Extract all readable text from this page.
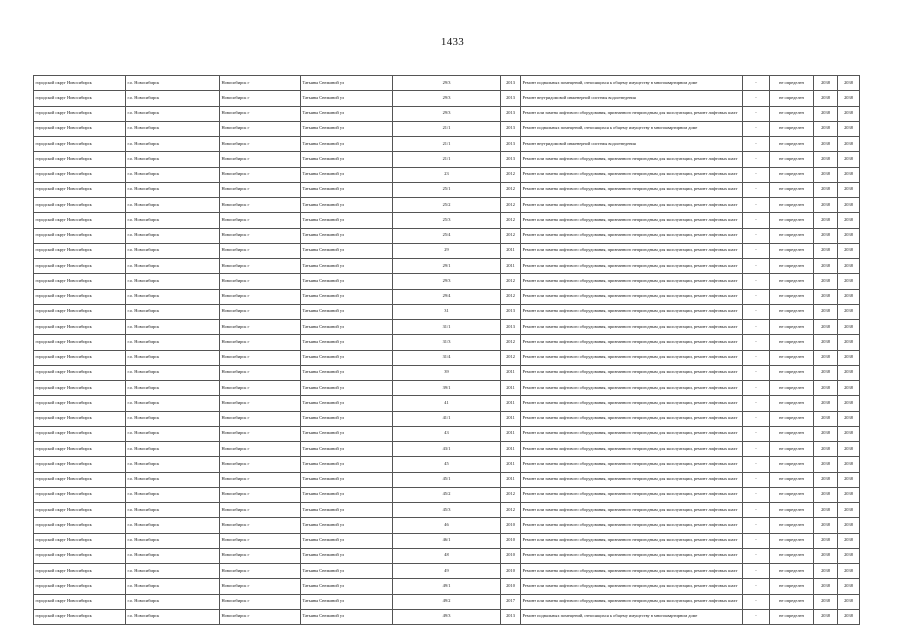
1433
городской округ Новосибирск	г.о. Новосибирск	Новосибирск г	Татьяны Снежиной ул	29/3	2013	Ремонт подвальных помещений, относящихся к общему имуществу в многоквартирном доме	-	не определен	2038	2038
городской округ Новосибирск	г.о. Новосибирск	Новосибирск г	Татьяны Снежиной ул	29/3	2013	Ремонт внутридомовой инженерной системы водоотведения	-	не определен	2038	2038
городской округ Новосибирск	г.о. Новосибирск	Новосибирск г	Татьяны Снежиной ул	29/3	2013	Ремонт или замена лифтового оборудования, признанного непригодным для эксплуатации, ремонт лифтовых шахт	-	не определен	2038	2038
городской округ Новосибирск	г.о. Новосибирск	Новосибирск г	Татьяны Снежиной ул	21/1	2013	Ремонт подвальных помещений, относящихся к общему имуществу в многоквартирном доме	-	не определен	2038	2038
городской округ Новосибирск	г.о. Новосибирск	Новосибирск г	Татьяны Снежиной ул	21/1	2013	Ремонт внутридомовой инженерной системы водоотведения	-	не определен	2038	2038
городской округ Новосибирск	г.о. Новосибирск	Новосибирск г	Татьяны Снежиной ул	21/1	2013	Ремонт или замена лифтового оборудования, признанного непригодным для эксплуатации, ремонт лифтовых шахт	-	не определен	2038	2038
городской округ Новосибирск	г.о. Новосибирск	Новосибирск г	Татьяны Снежиной ул	23	2012	Ремонт или замена лифтового оборудования, признанного непригодным для эксплуатации, ремонт лифтовых шахт	-	не определен	2038	2038
городской округ Новосибирск	г.о. Новосибирск	Новосибирск г	Татьяны Снежиной ул	25/1	2012	Ремонт или замена лифтового оборудования, признанного непригодным для эксплуатации, ремонт лифтовых шахт	-	не определен	2038	2038
городской округ Новосибирск	г.о. Новосибирск	Новосибирск г	Татьяны Снежиной ул	25/2	2012	Ремонт или замена лифтового оборудования, признанного непригодным для эксплуатации, ремонт лифтовых шахт	-	не определен	2038	2038
городской округ Новосибирск	г.о. Новосибирск	Новосибирск г	Татьяны Снежиной ул	25/3	2012	Ремонт или замена лифтового оборудования, признанного непригодным для эксплуатации, ремонт лифтовых шахт	-	не определен	2038	2038
городской округ Новосибирск	г.о. Новосибирск	Новосибирск г	Татьяны Снежиной ул	25/4	2012	Ремонт или замена лифтового оборудования, признанного непригодным для эксплуатации, ремонт лифтовых шахт	-	не определен	2038	2038
городской округ Новосибирск	г.о. Новосибирск	Новосибирск г	Татьяны Снежиной ул	29	2011	Ремонт или замена лифтового оборудования, признанного непригодным для эксплуатации, ремонт лифтовых шахт	-	не определен	2038	2038
городской округ Новосибирск	г.о. Новосибирск	Новосибирск г	Татьяны Снежиной ул	29/1	2011	Ремонт или замена лифтового оборудования, признанного непригодным для эксплуатации, ремонт лифтовых шахт	-	не определен	2038	2038
городской округ Новосибирск	г.о. Новосибирск	Новосибирск г	Татьяны Снежиной ул	29/3	2012	Ремонт или замена лифтового оборудования, признанного непригодным для эксплуатации, ремонт лифтовых шахт	-	не определен	2038	2038
городской округ Новосибирск	г.о. Новосибирск	Новосибирск г	Татьяны Снежиной ул	29/4	2012	Ремонт или замена лифтового оборудования, признанного непригодным для эксплуатации, ремонт лифтовых шахт	-	не определен	2038	2038
городской округ Новосибирск	г.о. Новосибирск	Новосибирск г	Татьяны Снежиной ул	31	2013	Ремонт или замена лифтового оборудования, признанного непригодным для эксплуатации, ремонт лифтовых шахт	-	не определен	2038	2038
городской округ Новосибирск	г.о. Новосибирск	Новосибирск г	Татьяны Снежиной ул	31/1	2013	Ремонт или замена лифтового оборудования, признанного непригодным для эксплуатации, ремонт лифтовых шахт	-	не определен	2038	2038
городской округ Новосибирск	г.о. Новосибирск	Новосибирск г	Татьяны Снежиной ул	31/3	2012	Ремонт или замена лифтового оборудования, признанного непригодным для эксплуатации, ремонт лифтовых шахт	-	не определен	2038	2038
городской округ Новосибирск	г.о. Новосибирск	Новосибирск г	Татьяны Снежиной ул	31/4	2012	Ремонт или замена лифтового оборудования, признанного непригодным для эксплуатации, ремонт лифтовых шахт	-	не определен	2038	2038
городской округ Новосибирск	г.о. Новосибирск	Новосибирск г	Татьяны Снежиной ул	39	2011	Ремонт или замена лифтового оборудования, признанного непригодным для эксплуатации, ремонт лифтовых шахт	-	не определен	2038	2038
городской округ Новосибирск	г.о. Новосибирск	Новосибирск г	Татьяны Снежиной ул	39/1	2011	Ремонт или замена лифтового оборудования, признанного непригодным для эксплуатации, ремонт лифтовых шахт	-	не определен	2038	2038
городской округ Новосибирск	г.о. Новосибирск	Новосибирск г	Татьяны Снежиной ул	41	2011	Ремонт или замена лифтового оборудования, признанного непригодным для эксплуатации, ремонт лифтовых шахт	-	не определен	2038	2038
городской округ Новосибирск	г.о. Новосибирск	Новосибирск г	Татьяны Снежиной ул	41/1	2011	Ремонт или замена лифтового оборудования, признанного непригодным для эксплуатации, ремонт лифтовых шахт	-	не определен	2038	2038
городской округ Новосибирск	г.о. Новосибирск	Новосибирск г	Татьяны Снежиной ул	43	2011	Ремонт или замена лифтового оборудования, признанного непригодным для эксплуатации, ремонт лифтовых шахт	-	не определен	2038	2038
городской округ Новосибирск	г.о. Новосибирск	Новосибирск г	Татьяны Снежиной ул	43/1	2011	Ремонт или замена лифтового оборудования, признанного непригодным для эксплуатации, ремонт лифтовых шахт	-	не определен	2038	2038
городской округ Новосибирск	г.о. Новосибирск	Новосибирск г	Татьяны Снежиной ул	45	2011	Ремонт или замена лифтового оборудования, признанного непригодным для эксплуатации, ремонт лифтовых шахт	-	не определен	2038	2038
городской округ Новосибирск	г.о. Новосибирск	Новосибирск г	Татьяны Снежиной ул	45/1	2011	Ремонт или замена лифтового оборудования, признанного непригодным для эксплуатации, ремонт лифтовых шахт	-	не определен	2038	2038
городской округ Новосибирск	г.о. Новосибирск	Новосибирск г	Татьяны Снежиной ул	45/2	2012	Ремонт или замена лифтового оборудования, признанного непригодным для эксплуатации, ремонт лифтовых шахт	-	не определен	2038	2038
городской округ Новосибирск	г.о. Новосибирск	Новосибирск г	Татьяны Снежиной ул	45/3	2012	Ремонт или замена лифтового оборудования, признанного непригодным для эксплуатации, ремонт лифтовых шахт	-	не определен	2038	2038
городской округ Новосибирск	г.о. Новосибирск	Новосибирск г	Татьяны Снежиной ул	46	2010	Ремонт или замена лифтового оборудования, признанного непригодным для эксплуатации, ремонт лифтовых шахт	-	не определен	2038	2038
городской округ Новосибирск	г.о. Новосибирск	Новосибирск г	Татьяны Снежиной ул	46/1	2010	Ремонт или замена лифтового оборудования, признанного непригодным для эксплуатации, ремонт лифтовых шахт	-	не определен	2038	2038
городской округ Новосибирск	г.о. Новосибирск	Новосибирск г	Татьяны Снежиной ул	48	2010	Ремонт или замена лифтового оборудования, признанного непригодным для эксплуатации, ремонт лифтовых шахт	-	не определен	2038	2038
городской округ Новосибирск	г.о. Новосибирск	Новосибирск г	Татьяны Снежиной ул	49	2010	Ремонт или замена лифтового оборудования, признанного непригодным для эксплуатации, ремонт лифтовых шахт	-	не определен	2038	2038
городской округ Новосибирск	г.о. Новосибирск	Новосибирск г	Татьяны Снежиной ул	49/1	2010	Ремонт или замена лифтового оборудования, признанного непригодным для эксплуатации, ремонт лифтовых шахт	-	не определен	2038	2038
городской округ Новосибирск	г.о. Новосибирск	Новосибирск г	Татьяны Снежиной ул	49/2	2017	Ремонт или замена лифтового оборудования, признанного непригодным для эксплуатации, ремонт лифтовых шахт	-	не определен	2038	2038
городской округ Новосибирск	г.о. Новосибирск	Новосибирск г	Татьяны Снежиной ул	49/3	2013	Ремонт подвальных помещений, относящихся к общему имуществу в многоквартирном доме	-	не определен	2038	2038
